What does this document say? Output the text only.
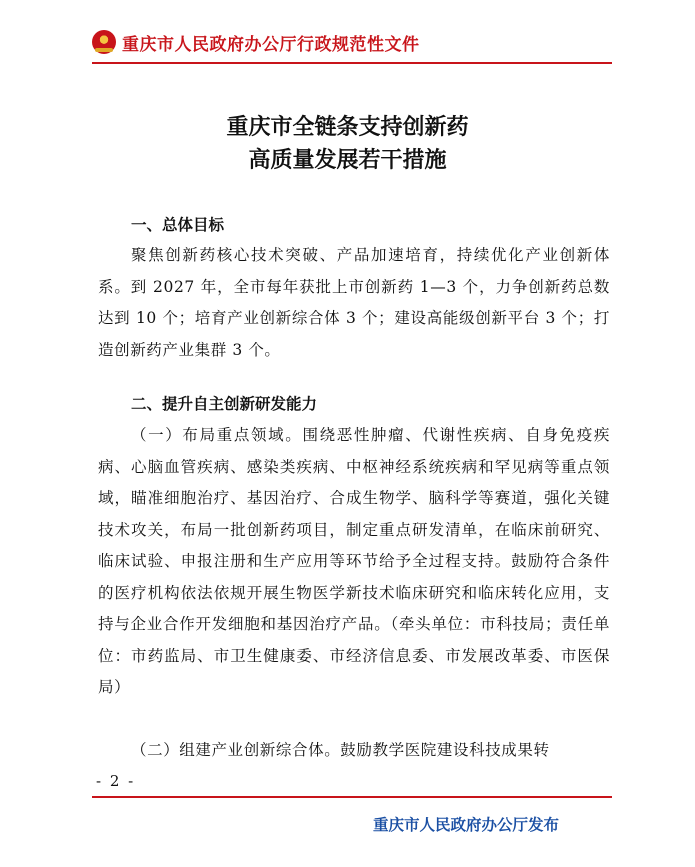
重庆市人民政府办公厅行政规范性文件
重庆市全链条支持创新药
高质量发展若干措施
一、总体目标
聚焦创新药核心技术突破、产品加速培育，持续优化产业创新体系。到 2027 年，全市每年获批上市创新药 1—3 个，力争创新药总数达到 10 个；培育产业创新综合体 3 个；建设高能级创新平台 3 个；打造创新药产业集群 3 个。
二、提升自主创新研发能力
（一）布局重点领域。围绕恶性肿瘤、代谢性疾病、自身免疫疾病、心脑血管疾病、感染类疾病、中枢神经系统疾病和罕见病等重点领域，瞄准细胞治疗、基因治疗、合成生物学、脑科学等赛道，强化关键技术攻关，布局一批创新药项目，制定重点研发清单，在临床前研究、临床试验、申报注册和生产应用等环节给予全过程支持。鼓励符合条件的医疗机构依法依规开展生物医学新技术临床研究和临床转化应用，支持与企业合作开发细胞和基因治疗产品。（牵头单位：市科技局；责任单位：市药监局、市卫生健康委、市经济信息委、市发展改革委、市医保局）
（二）组建产业创新综合体。鼓励教学医院建设科技成果转
- 2 -
重庆市人民政府办公厅发布
